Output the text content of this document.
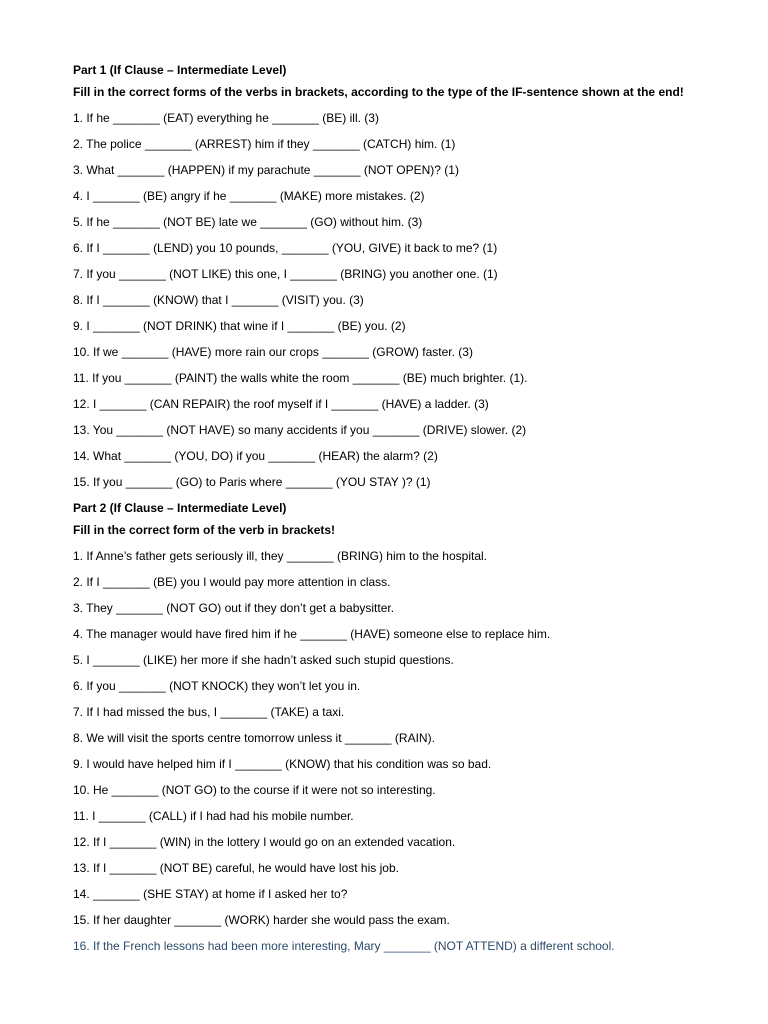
Part 1 (If Clause – Intermediate Level)

Fill in the correct forms of the verbs in brackets, according to the type of the IF-sentence shown at the end!

1. If he _______ (EAT) everything he _______ (BE) ill. (3)

2. The police _______ (ARREST) him if they _______ (CATCH) him. (1)

3. What _______ (HAPPEN) if my parachute _______ (NOT OPEN)? (1)

4. I _______ (BE) angry if he _______ (MAKE) more mistakes. (2)

5. If he _______ (NOT BE) late we _______ (GO) without him. (3)

6. If I _______ (LEND) you 10 pounds, _______ (YOU, GIVE) it back to me? (1)

7. If you _______ (NOT LIKE) this one, I _______ (BRING) you another one. (1)

8. If I _______ (KNOW) that I _______ (VISIT) you. (3)

9. I _______ (NOT DRINK) that wine if I _______ (BE) you. (2)

10. If we _______ (HAVE) more rain our crops _______ (GROW) faster. (3)

11. If you _______ (PAINT) the walls white the room _______ (BE) much brighter. (1).

12. I _______ (CAN REPAIR) the roof myself if I _______ (HAVE) a ladder. (3)

13. You _______ (NOT HAVE) so many accidents if you _______ (DRIVE) slower. (2)

14. What _______ (YOU, DO) if you _______ (HEAR) the alarm? (2)

15. If you _______ (GO) to Paris where _______ (YOU STAY )? (1)

Part 2 (If Clause – Intermediate Level)

Fill in the correct form of the verb in brackets!

1. If Anne’s father gets seriously ill, they _______ (BRING) him to the hospital.

2. If I _______ (BE) you I would pay more attention in class.

3. They _______ (NOT GO) out if they don’t get a babysitter.

4. The manager would have fired him if he _______ (HAVE) someone else to replace him.

5. I _______ (LIKE) her more if she hadn’t asked such stupid questions.

6. If you _______ (NOT KNOCK) they won’t let you in.

7. If I had missed the bus, I _______ (TAKE) a taxi.

8. We will visit the sports centre tomorrow unless it _______ (RAIN).

9. I would have helped him if I _______ (KNOW) that his condition was so bad.

10. He _______ (NOT GO) to the course if it were not so interesting.

11. I _______ (CALL) if I had had his mobile number.

12. If I _______ (WIN) in the lottery I would go on an extended vacation.

13. If I _______ (NOT BE) careful, he would have lost his job.

14. _______ (SHE STAY) at home if I asked her to?

15. If her daughter _______ (WORK) harder she would pass the exam.

16. If the French lessons had been more interesting, Mary _______ (NOT ATTEND) a different school.
